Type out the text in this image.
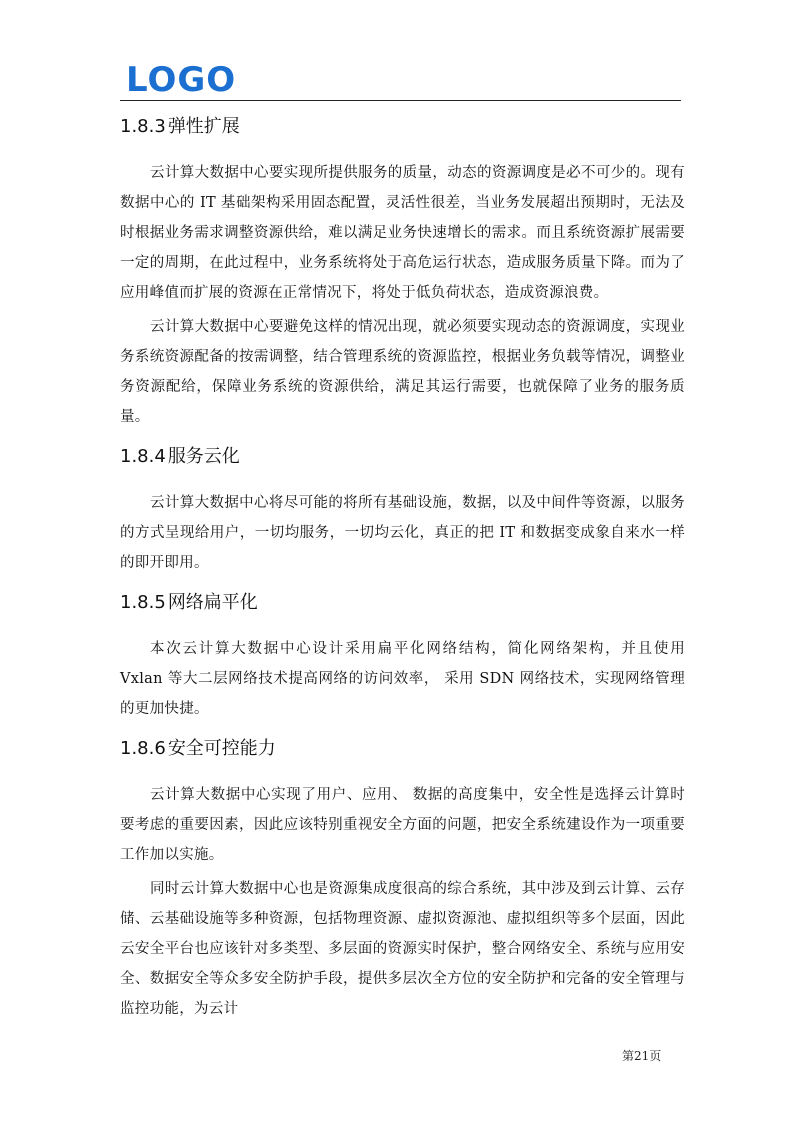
LOGO
1.8.3 弹性扩展

云计算大数据中心要实现所提供服务的质量，动态的资源调度是必不可少的。现有数据中心的 IT 基础架构采用固态配置，灵活性很差，当业务发展超出预期时，无法及时根据业务需求调整资源供给，难以满足业务快速增长的需求。而且系统资源扩展需要一定的周期，在此过程中，业务系统将处于高危运行状态，造成服务质量下降。而为了应用峰值而扩展的资源在正常情况下，将处于低负荷状态，造成资源浪费。

云计算大数据中心要避免这样的情况出现，就必须要实现动态的资源调度，实现业务系统资源配备的按需调整，结合管理系统的资源监控，根据业务负载等情况，调整业务资源配给，保障业务系统的资源供给，满足其运行需要，也就保障了业务的服务质量。

1.8.4 服务云化

云计算大数据中心将尽可能的将所有基础设施，数据，以及中间件等资源，以服务的方式呈现给用户，一切均服务，一切均云化，真正的把 IT 和数据变成象自来水一样的即开即用。

1.8.5 网络扁平化

本次云计算大数据中心设计采用扁平化网络结构，简化网络架构，并且使用 Vxlan 等大二层网络技术提高网络的访问效率， 采用 SDN 网络技术，实现网络管理的更加快捷。

1.8.6 安全可控能力

云计算大数据中心实现了用户、应用、 数据的高度集中，安全性是选择云计算时要考虑的重要因素，因此应该特别重视安全方面的问题，把安全系统建设作为一项重要工作加以实施。

同时云计算大数据中心也是资源集成度很高的综合系统，其中涉及到云计算、云存储、云基础设施等多种资源，包括物理资源、虚拟资源池、虚拟组织等多个层面，因此云安全平台也应该针对多类型、多层面的资源实时保护，整合网络安全、系统与应用安全、数据安全等众多安全防护手段，提供多层次全方位的安全防护和完备的安全管理与监控功能，为云计

第21页
